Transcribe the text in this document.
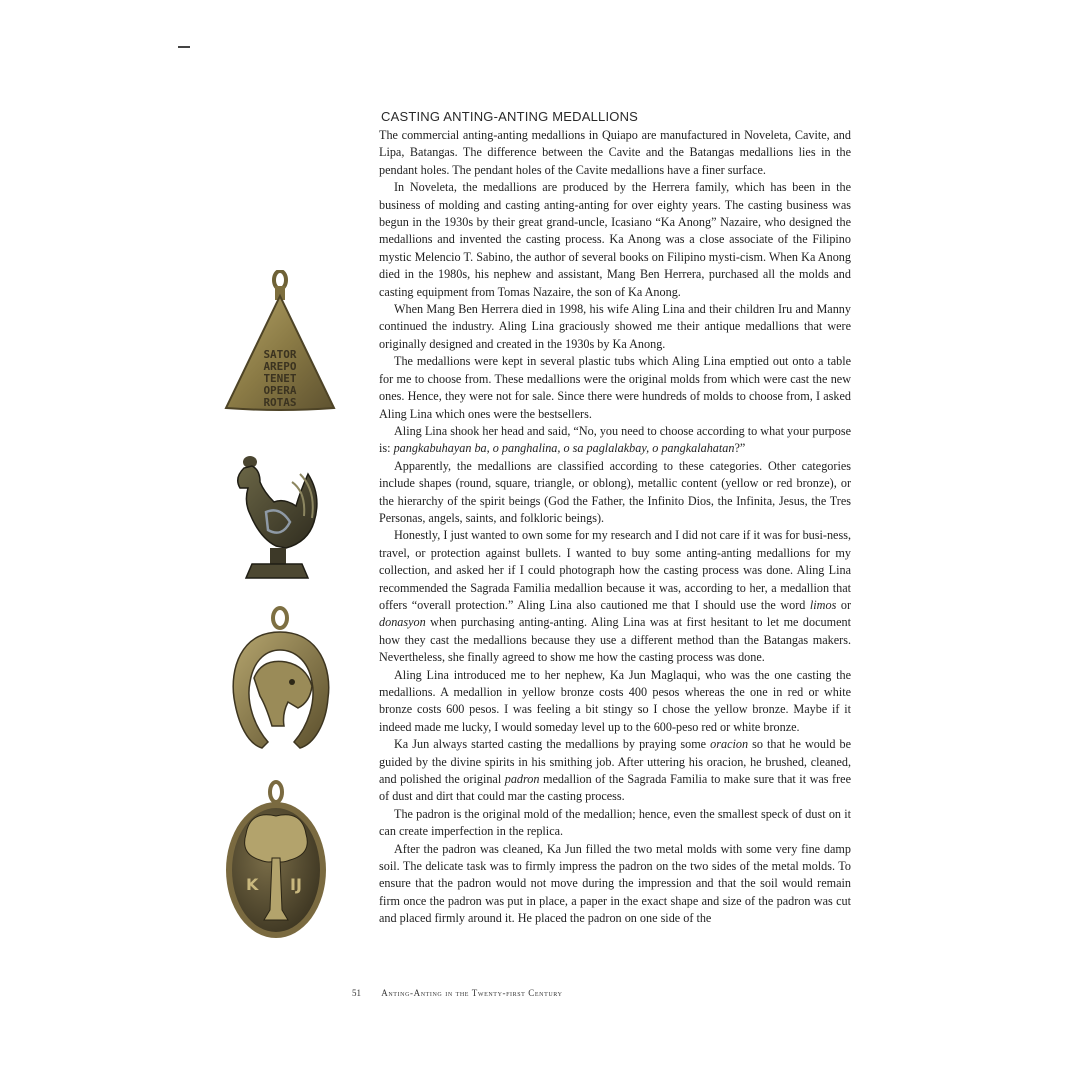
SATOR
AREPO
TENET
OPERA
ROTAS
K IJ
CASTING ANTING-ANTING MEDALLIONS

The commercial anting-anting medallions in Quiapo are manufactured in Noveleta, Cavite, and Lipa, Batangas. The difference between the Cavite and the Batangas medallions lies in the pendant holes. The pendant holes of the Cavite medallions have a finer surface.

In Noveleta, the medallions are produced by the Herrera family, which has been in the business of molding and casting anting-anting for over eighty years. The casting business was begun in the 1930s by their great grand-uncle, Icasiano “Ka Anong” Nazaire, who designed the medallions and invented the casting process. Ka Anong was a close associate of the Filipino mystic Melencio T. Sabino, the author of several books on Filipino mysti-cism. When Ka Anong died in the 1980s, his nephew and assistant, Mang Ben Herrera, purchased all the molds and casting equipment from Tomas Nazaire, the son of Ka Anong.

When Mang Ben Herrera died in 1998, his wife Aling Lina and their children Iru and Manny continued the industry. Aling Lina graciously showed me their antique medallions that were originally designed and created in the 1930s by Ka Anong.

The medallions were kept in several plastic tubs which Aling Lina emptied out onto a table for me to choose from. These medallions were the original molds from which were cast the new ones. Hence, they were not for sale. Since there were hundreds of molds to choose from, I asked Aling Lina which ones were the bestsellers.

Aling Lina shook her head and said, “No, you need to choose according to what your purpose is: pangkabuhayan ba, o panghalina, o sa paglalakbay, o pangkalahatan?”

Apparently, the medallions are classified according to these categories. Other categories include shapes (round, square, triangle, or oblong), metallic content (yellow or red bronze), or the hierarchy of the spirit beings (God the Father, the Infinito Dios, the Infinita, Jesus, the Tres Personas, angels, saints, and folkloric beings).

Honestly, I just wanted to own some for my research and I did not care if it was for busi-ness, travel, or protection against bullets. I wanted to buy some anting-anting medallions for my collection, and asked her if I could photograph how the casting process was done. Aling Lina recommended the Sagrada Familia medallion because it was, according to her, a medallion that offers “overall protection.” Aling Lina also cautioned me that I should use the word limos or donasyon when purchasing anting-anting. Aling Lina was at first hesitant to let me document how they cast the medallions because they use a different method than the Batangas makers. Nevertheless, she finally agreed to show me how the casting process was done.

Aling Lina introduced me to her nephew, Ka Jun Maglaqui, who was the one casting the medallions. A medallion in yellow bronze costs 400 pesos whereas the one in red or white bronze costs 600 pesos. I was feeling a bit stingy so I chose the yellow bronze. Maybe if it indeed made me lucky, I would someday level up to the 600-peso red or white bronze.

Ka Jun always started casting the medallions by praying some oracion so that he would be guided by the divine spirits in his smithing job. After uttering his oracion, he brushed, cleaned, and polished the original padron medallion of the Sagrada Familia to make sure that it was free of dust and dirt that could mar the casting process.

The padron is the original mold of the medallion; hence, even the smallest speck of dust on it can create imperfection in the replica.

After the padron was cleaned, Ka Jun filled the two metal molds with some very fine damp soil. The delicate task was to firmly impress the padron on the two sides of the metal molds. To ensure that the padron would not move during the impression and that the soil would remain firm once the padron was put in place, a paper in the exact shape and size of the padron was cut and placed firmly around it. He placed the padron on one side of the

51 Anting-Anting in the Twenty-first Century
